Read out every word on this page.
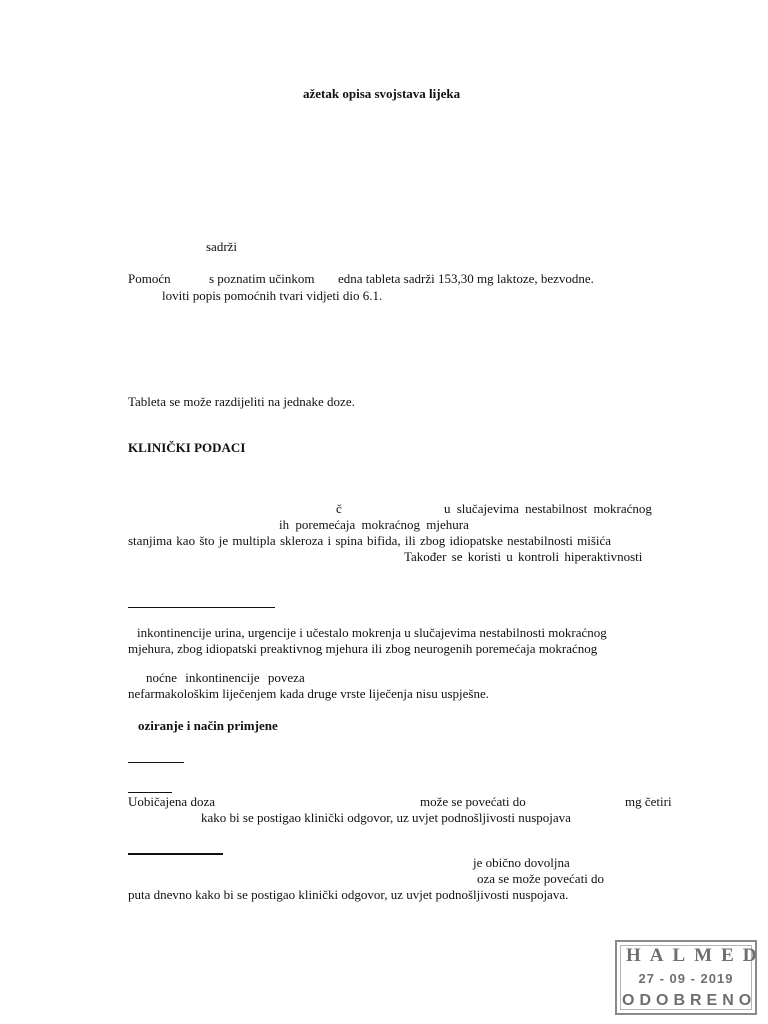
ažetak opisa svojstava lijeka
sadrži
Pomoćn	s poznatim učinkom edna tableta sadrži 153,30 mg laktoze, bezvodne.
loviti popis pomoćnih tvari vidjeti dio 6.1.
Tableta se može razdijeliti na jednake doze.
KLINIČKI PODACI
č	u slučajevima nestabilnost mokraćnog
ih poremećaja mokraćnog mjehura
stanjima kao što je multipla skleroza i spina bifida, ili zbog idiopatske nestabilnosti mišića
Također se koristi u kontroli hiperaktivnosti
inkontinencije urina, urgencije i učestalo mokrenja u slučajevima nestabilnosti mokraćnog
mjehura, zbog idiopatski preaktivnog mjehura ili zbog neurogenih poremećaja mokraćnog
noćne inkontinencije poveza
nefarmakološkim liječenjem kada druge vrste liječenja nisu uspješne.
oziranje i način primjene
Uobičajena doza	može se povećati do	mg četiri
kako bi se postigao klinički odgovor, uz uvjet podnošljivosti nuspojava
je obično dovoljna
oza se može povećati do
puta dnevno kako bi se postigao klinički odgovor, uz uvjet podnošljivosti nuspojava.
HALMED
27 - 09 - 2019
ODOBRENO
